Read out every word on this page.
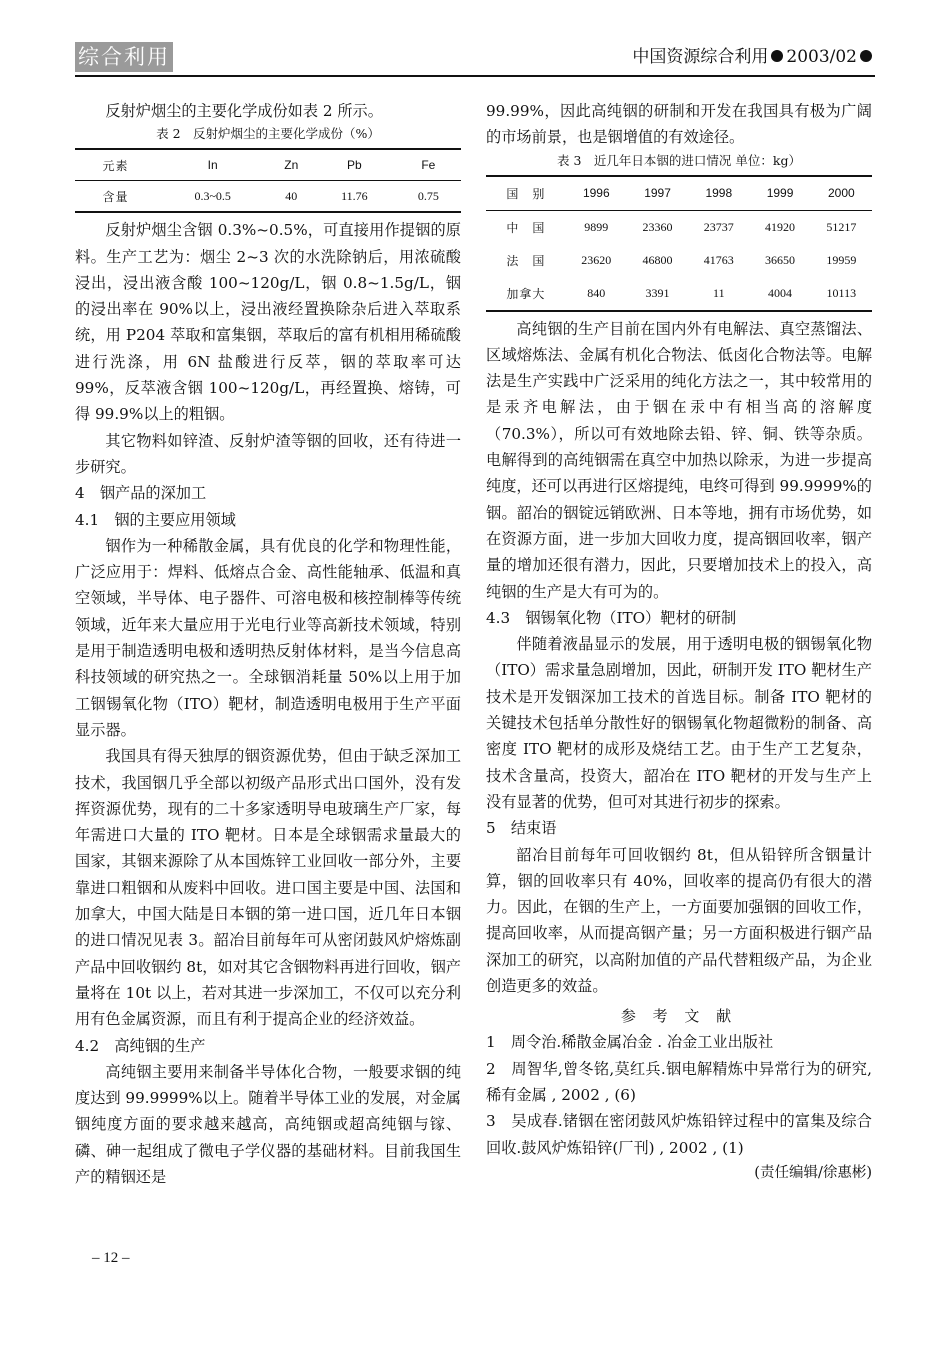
综合利用	中国资源综合利用 2003/02

反射炉烟尘的主要化学成份如表 2 所示。

表 2　反射炉烟尘的主要化学成份（%）
元素	In	Zn	Pb	Fe
含量	0.3~0.5	40	11.76	0.75

反射炉烟尘含铟 0.3%~0.5%，可直接用作提铟的原料。生产工艺为：烟尘 2~3 次的水洗除钠后，用浓硫酸浸出，浸出液含酸 100~120g/L，铟 0.8~1.5g/L，铟的浸出率在 90%以上，浸出液经置换除杂后进入萃取系统，用 P204 萃取和富集铟，萃取后的富有机相用稀硫酸进行洗涤，用 6N 盐酸进行反萃，铟的萃取率可达 99%，反萃液含铟 100~120g/L，再经置换、熔铸，可得 99.9%以上的粗铟。

其它物料如锌渣、反射炉渣等铟的回收，还有待进一步研究。

4　铟产品的深加工
4.1　铟的主要应用领域

铟作为一种稀散金属，具有优良的化学和物理性能，广泛应用于：焊料、低熔点合金、高性能轴承、低温和真空领域，半导体、电子器件、可溶电极和核控制棒等传统领域，近年来大量应用于光电行业等高新技术领域，特别是用于制造透明电极和透明热反射体材料，是当今信息高科技领域的研究热之一。全球铟消耗量 50%以上用于加工铟锡氧化物（ITO）靶材，制造透明电极用于生产平面显示器。

我国具有得天独厚的铟资源优势，但由于缺乏深加工技术，我国铟几乎全部以初级产品形式出口国外，没有发挥资源优势，现有的二十多家透明导电玻璃生产厂家，每年需进口大量的 ITO 靶材。日本是全球铟需求量最大的国家，其铟来源除了从本国炼锌工业回收一部分外，主要靠进口粗铟和从废料中回收。进口国主要是中国、法国和加拿大，中国大陆是日本铟的第一进口国，近几年日本铟的进口情况见表 3。韶冶目前每年可从密闭鼓风炉熔炼副产品中回收铟约 8t，如对其它含铟物料再进行回收，铟产量将在 10t 以上，若对其进一步深加工，不仅可以充分利用有色金属资源，而且有利于提高企业的经济效益。

4.2　高纯铟的生产

高纯铟主要用来制备半导体化合物，一般要求铟的纯度达到 99.9999%以上。随着半导体工业的发展，对金属铟纯度方面的要求越来越高，高纯铟或超高纯铟与镓、磷、砷一起组成了微电子学仪器的基础材料。目前我国生产的精铟还是

99.99%，因此高纯铟的研制和开发在我国具有极为广阔的市场前景，也是铟增值的有效途径。

表 3　近几年日本铟的进口情况 单位：kg）
国　别	1996	1997	1998	1999	2000
中　国	9899	23360	23737	41920	51217
法　国	23620	46800	41763	36650	19959
加拿大	840	3391	11	4004	10113

高纯铟的生产目前在国内外有电解法、真空蒸馏法、区域熔炼法、金属有机化合物法、低卤化合物法等。电解法是生产实践中广泛采用的纯化方法之一，其中较常用的是汞齐电解法，由于铟在汞中有相当高的溶解度（70.3%），所以可有效地除去铅、锌、铜、铁等杂质。电解得到的高纯铟需在真空中加热以除汞，为进一步提高纯度，还可以再进行区熔提纯，电终可得到 99.9999%的铟。韶冶的铟锭远销欧洲、日本等地，拥有市场优势，如在资源方面，进一步加大回收力度，提高铟回收率，铟产量的增加还很有潜力，因此，只要增加技术上的投入，高纯铟的生产是大有可为的。

4.3　铟锡氧化物（ITO）靶材的研制

伴随着液晶显示的发展，用于透明电极的铟锡氧化物（ITO）需求量急剧增加，因此，研制开发 ITO 靶材生产技术是开发铟深加工技术的首选目标。制备 ITO 靶材的关键技术包括单分散性好的铟锡氧化物超微粉的制备、高密度 ITO 靶材的成形及烧结工艺。由于生产工艺复杂，技术含量高，投资大，韶冶在 ITO 靶材的开发与生产上没有显著的优势，但可对其进行初步的探索。

5　结束语

韶冶目前每年可回收铟约 8t，但从铅锌所含铟量计算，铟的回收率只有 40%，回收率的提高仍有很大的潜力。因此，在铟的生产上，一方面要加强铟的回收工作，提高回收率，从而提高铟产量；另一方面积极进行铟产品深加工的研究，以高附加值的产品代替粗级产品，为企业创造更多的效益。

参 考 文 献

1　周令治.稀散金属冶金 . 冶金工业出版社

2　周智华,曾冬铭,莫红兵.铟电解精炼中异常行为的研究,稀有金属 , 2002 , (6)

3　吴成春.锗铟在密闭鼓风炉炼铅锌过程中的富集及综合回收.鼓风炉炼铅锌(厂刊) , 2002 , (1)

(责任编辑/徐惠彬)

– 12 –
